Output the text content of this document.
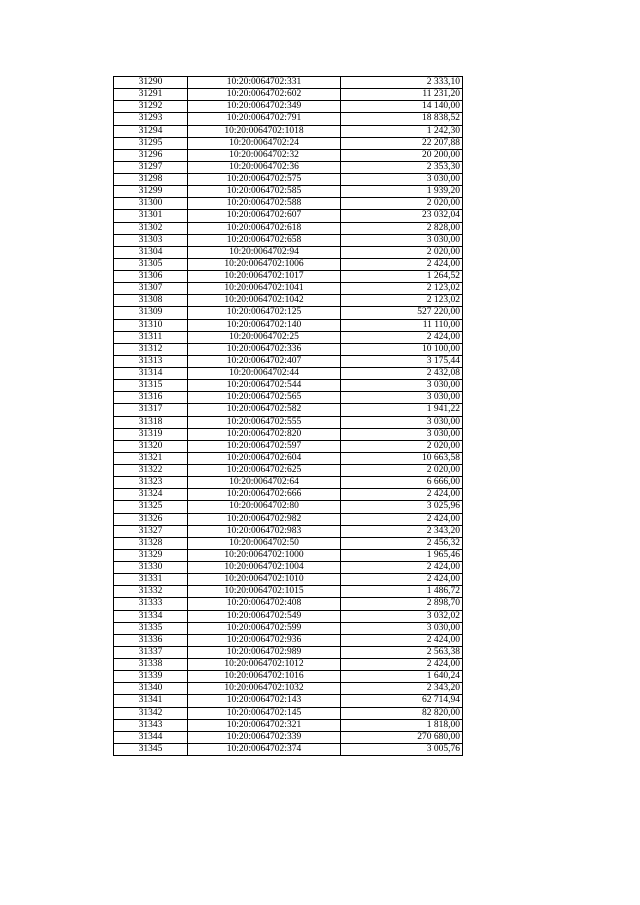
31290	10:20:0064702:331	2 333,10
31291	10:20:0064702:602	11 231,20
31292	10:20:0064702:349	14 140,00
31293	10:20:0064702:791	18 838,52
31294	10:20:0064702:1018	1 242,30
31295	10:20:0064702:24	22 207,88
31296	10:20:0064702:32	20 200,00
31297	10:20:0064702:36	2 353,30
31298	10:20:0064702:575	3 030,00
31299	10:20:0064702:585	1 939,20
31300	10:20:0064702:588	2 020,00
31301	10:20:0064702:607	23 032,04
31302	10:20:0064702:618	2 828,00
31303	10:20:0064702:658	3 030,00
31304	10:20:0064702:94	2 020,00
31305	10:20:0064702:1006	2 424,00
31306	10:20:0064702:1017	1 264,52
31307	10:20:0064702:1041	2 123,02
31308	10:20:0064702:1042	2 123,02
31309	10:20:0064702:125	527 220,00
31310	10:20:0064702:140	11 110,00
31311	10:20:0064702:25	2 424,00
31312	10:20:0064702:336	10 100,00
31313	10:20:0064702:407	3 175,44
31314	10:20:0064702:44	2 432,08
31315	10:20:0064702:544	3 030,00
31316	10:20:0064702:565	3 030,00
31317	10:20:0064702:582	1 941,22
31318	10:20:0064702:555	3 030,00
31319	10:20:0064702:820	3 030,00
31320	10:20:0064702:597	2 020,00
31321	10:20:0064702:604	10 663,58
31322	10:20:0064702:625	2 020,00
31323	10:20:0064702:64	6 666,00
31324	10:20:0064702:666	2 424,00
31325	10:20:0064702:80	3 025,96
31326	10:20:0064702:982	2 424,00
31327	10:20:0064702:983	2 343,20
31328	10:20:0064702:50	2 456,32
31329	10:20:0064702:1000	1 965,46
31330	10:20:0064702:1004	2 424,00
31331	10:20:0064702:1010	2 424,00
31332	10:20:0064702:1015	1 486,72
31333	10:20:0064702:408	2 898,70
31334	10:20:0064702:549	3 032,02
31335	10:20:0064702:599	3 030,00
31336	10:20:0064702:936	2 424,00
31337	10:20:0064702:989	2 563,38
31338	10:20:0064702:1012	2 424,00
31339	10:20:0064702:1016	1 640,24
31340	10:20:0064702:1032	2 343,20
31341	10:20:0064702:143	62 714,94
31342	10:20:0064702:145	82 820,00
31343	10:20:0064702:321	1 818,00
31344	10:20:0064702:339	270 680,00
31345	10:20:0064702:374	3 005,76
